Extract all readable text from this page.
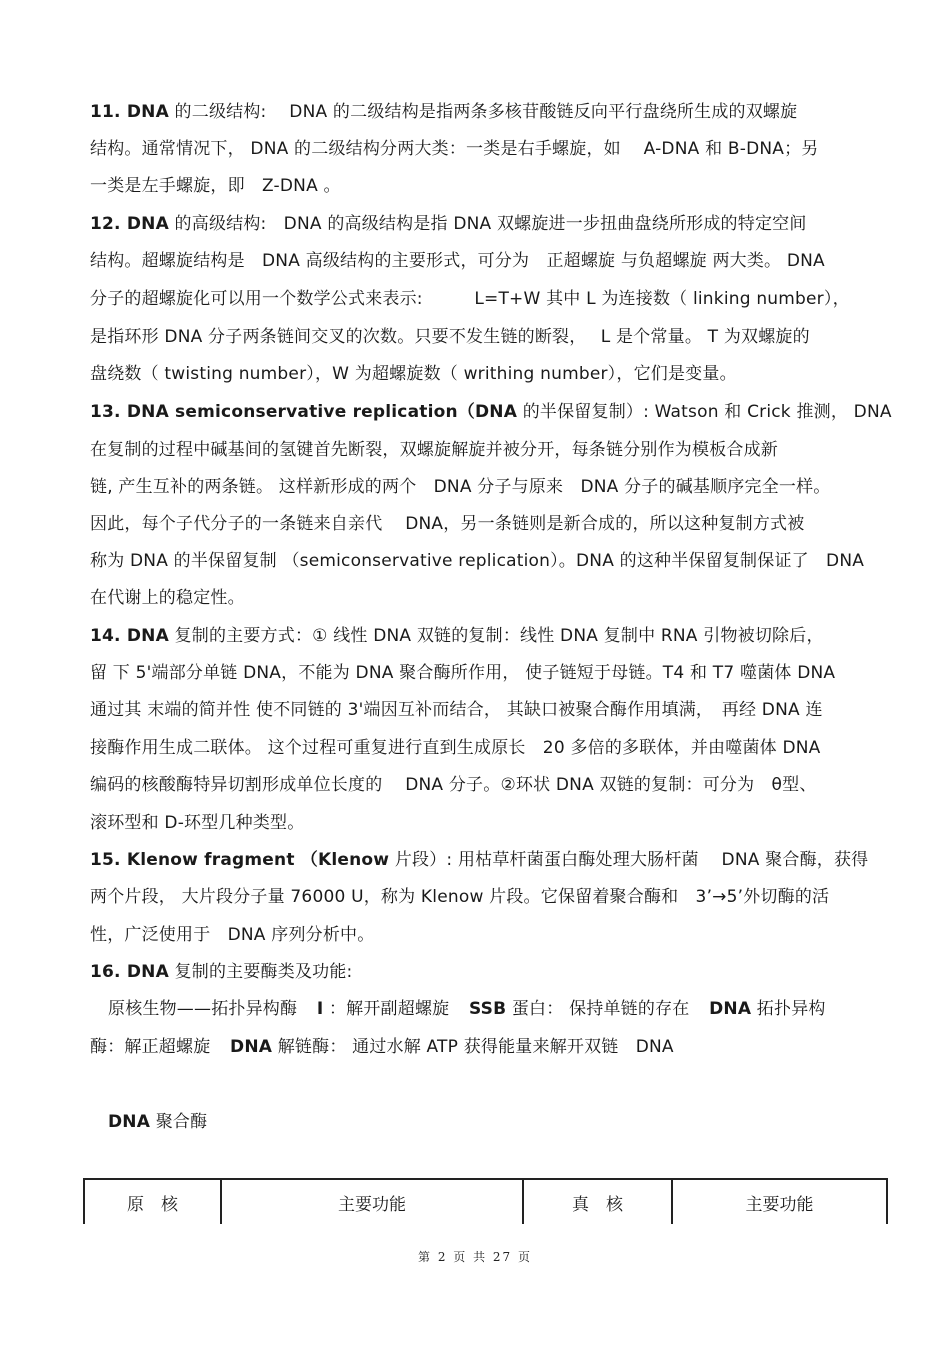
11. DNA 的二级结构:　 DNA 的二级结构是指两条多核苷酸链反向平行盘绕所生成的双螺旋
结构。通常情况下， DNA 的二级结构分两大类：一类是右手螺旋，如　 A-DNA 和 B-DNA；另
一类是左手螺旋，即　Z-DNA 。
12. DNA 的高级结构:　DNA 的高级结构是指 DNA 双螺旋进一步扭曲盘绕所形成的特定空间
结构。超螺旋结构是　DNA 高级结构的主要形式，可分为　正超螺旋 与负超螺旋 两大类。 DNA
分子的超螺旋化可以用一个数学公式来表示:　　　L=T+W 其中 L 为连接数（ linking number），
是指环形 DNA 分子两条链间交叉的次数。只要不发生链的断裂，　 L 是个常量。 T 为双螺旋的
盘绕数（ twisting number），W 为超螺旋数（ writhing number），它们是变量。
13. DNA semiconservative replication（DNA 的半保留复制）: Watson 和 Crick 推测， DNA
在复制的过程中碱基间的氢键首先断裂，双螺旋解旋并被分开，每条链分别作为模板合成新
链, 产生互补的两条链。 这样新形成的两个　DNA 分子与原来　DNA 分子的碱基顺序完全一样。
因此，每个子代分子的一条链来自亲代　 DNA，另一条链则是新合成的，所以这种复制方式被
称为 DNA 的半保留复制 （semiconservative replication）。DNA 的这种半保留复制保证了　DNA
在代谢上的稳定性。
14. DNA 复制的主要方式：① 线性 DNA 双链的复制：线性 DNA 复制中 RNA 引物被切除后，
留 下 5'端部分单链 DNA，不能为 DNA 聚合酶所作用， 使子链短于母链。T4 和 T7 噬菌体 DNA
通过其 末端的简并性 使不同链的 3'端因互补而结合， 其缺口被聚合酶作用填满，　再经 DNA 连
接酶作用生成二联体。 这个过程可重复进行直到生成原长　20 多倍的多联体，并由噬菌体 DNA
编码的核酸酶特异切割形成单位长度的　 DNA 分子。②环状 DNA 双链的复制：可分为　θ型、
滚环型和 D-环型几种类型。
15. Klenow fragment （Klenow 片段）: 用枯草杆菌蛋白酶处理大肠杆菌　 DNA 聚合酶，获得
两个片段， 大片段分子量 76000 U，称为 Klenow 片段。它保留着聚合酶和　3’→5’外切酶的活
性，广泛使用于　DNA 序列分析中。
16. DNA 复制的主要酶类及功能:
原核生物——拓扑异构酶 I ：解开副超螺旋 SSB 蛋白： 保持单链的存在 DNA 拓扑异构
酶：解正超螺旋 DNA 解链酶： 通过水解 ATP 获得能量来解开双链　DNA
DNA 聚合酶
原　核	主要功能	真　核	主要功能
第 2 页 共 27 页
